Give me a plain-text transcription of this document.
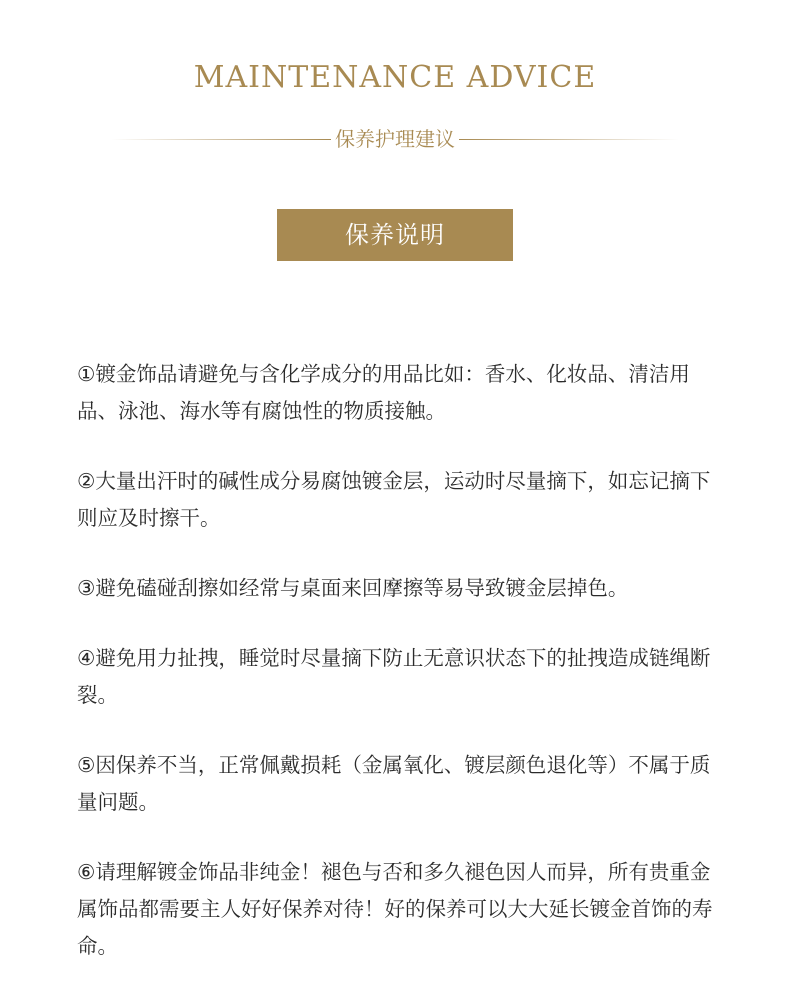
MAINTENANCE ADVICE
保养护理建议
保养说明
①镀金饰品请避免与含化学成分的用品比如：香水、化妆品、清洁用品、泳池、海水等有腐蚀性的物质接触。
②大量出汗时的碱性成分易腐蚀镀金层，运动时尽量摘下，如忘记摘下则应及时擦干。
③避免磕碰刮擦如经常与桌面来回摩擦等易导致镀金层掉色。
④避免用力扯拽，睡觉时尽量摘下防止无意识状态下的扯拽造成链绳断裂。
⑤因保养不当，正常佩戴损耗（金属氧化、镀层颜色退化等）不属于质量问题。
⑥请理解镀金饰品非纯金！褪色与否和多久褪色因人而异，所有贵重金属饰品都需要主人好好保养对待！好的保养可以大大延长镀金首饰的寿命。
